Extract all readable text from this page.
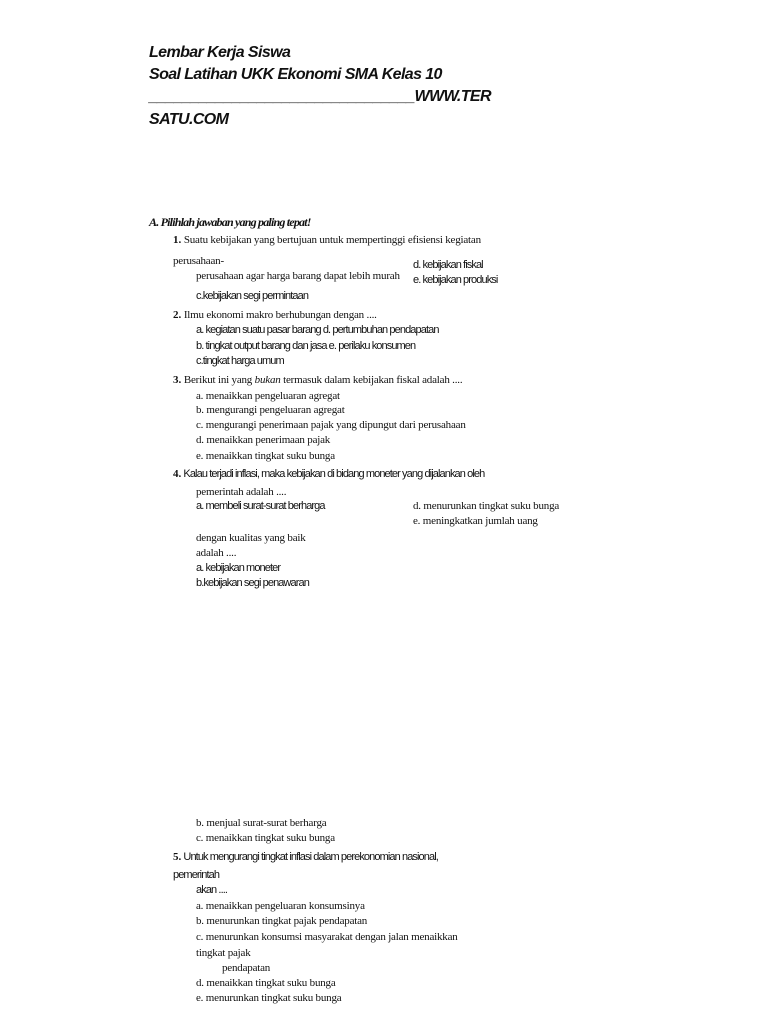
Lembar Kerja Siswa
Soal Latihan UKK Ekonomi SMA Kelas 10
________________________________WWW.TER
SATU.COM
A. Pilihlah jawaban yang paling tepat!
1. Suatu kebijakan yang bertujuan untuk mempertinggi efisiensi kegiatan
perusahaan-
perusahaan agar harga barang dapat lebih murah
d. kebijakan fiskal
e. kebijakan produksi
c.kebijakan segi permintaan
2. Ilmu ekonomi makro berhubungan dengan ....
a. kegiatan suatu pasar barang d. pertumbuhan pendapatan
b. tingkat output barang dan jasa e. perilaku konsumen
c.tingkat harga umum
3. Berikut ini yang bukan termasuk dalam kebijakan fiskal adalah ....
a. menaikkan pengeluaran agregat
b. mengurangi pengeluaran agregat
c. mengurangi penerimaan pajak yang dipungut dari perusahaan
d. menaikkan penerimaan pajak
e. menaikkan tingkat suku bunga
4. Kalau terjadi inflasi, maka kebijakan di bidang moneter yang dijalankan oleh
pemerintah adalah ....
a. membeli surat-surat berharga	d. menurunkan tingkat suku bunga
e. meningkatkan jumlah uang
dengan kualitas yang baik
adalah ....
a. kebijakan moneter
b.kebijakan segi penawaran
b. menjual surat-surat berharga
c. menaikkan tingkat suku bunga
5. Untuk mengurangi tingkat inflasi dalam perekonomian nasional,
pemerintah
akan ....
a. menaikkan pengeluaran konsumsinya
b. menurunkan tingkat pajak pendapatan
c. menurunkan konsumsi masyarakat dengan jalan menaikkan
tingkat pajak
pendapatan
d. menaikkan tingkat suku bunga
e. menurunkan tingkat suku bunga
